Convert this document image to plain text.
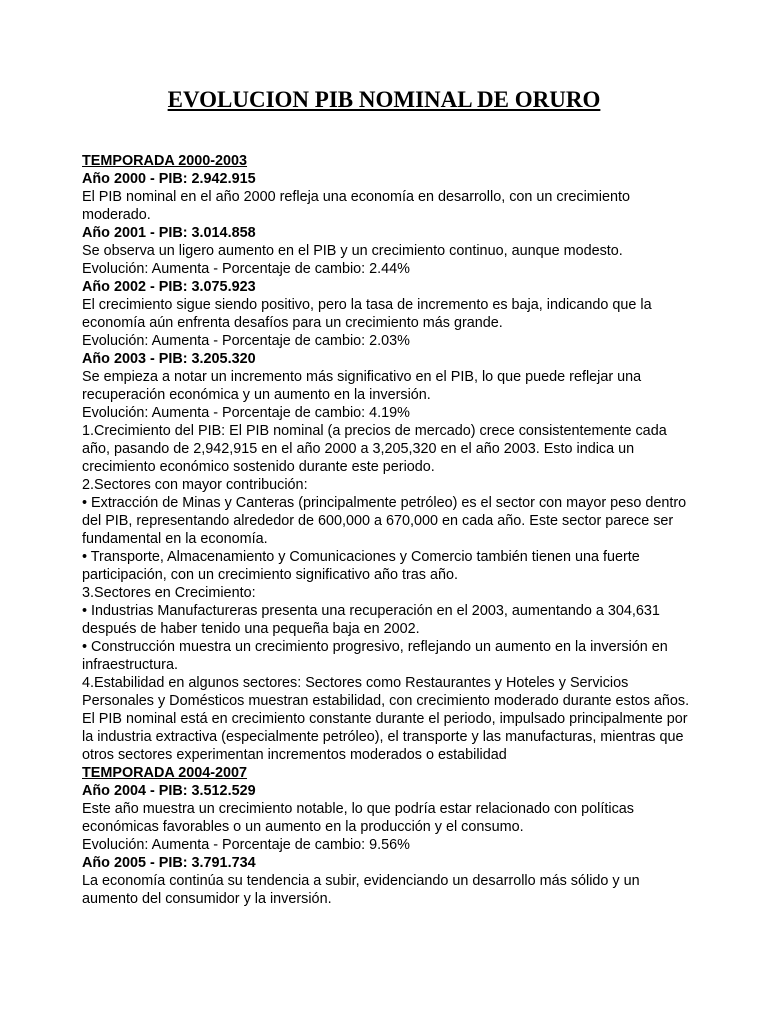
EVOLUCION PIB NOMINAL DE ORURO

TEMPORADA 2000-2003

Año 2000 - PIB: 2.942.915

El PIB nominal en el año 2000 refleja una economía en desarrollo, con un crecimiento moderado.

Año 2001 - PIB: 3.014.858

Se observa un ligero aumento en el PIB y un crecimiento continuo, aunque modesto.

Evolución: Aumenta - Porcentaje de cambio: 2.44%

Año 2002 - PIB: 3.075.923

El crecimiento sigue siendo positivo, pero la tasa de incremento es baja, indicando que la economía aún enfrenta desafíos para un crecimiento más grande.

Evolución: Aumenta - Porcentaje de cambio: 2.03%

Año 2003 - PIB: 3.205.320

Se empieza a notar un incremento más significativo en el PIB, lo que puede reflejar una recuperación económica y un aumento en la inversión.

Evolución: Aumenta - Porcentaje de cambio: 4.19%

1.Crecimiento del PIB: El PIB nominal (a precios de mercado) crece consistentemente cada año, pasando de 2,942,915 en el año 2000 a 3,205,320 en el año 2003. Esto indica un crecimiento económico sostenido durante este periodo.

2.Sectores con mayor contribución:

• Extracción de Minas y Canteras (principalmente petróleo) es el sector con mayor peso dentro del PIB, representando alrededor de 600,000 a 670,000 en cada año. Este sector parece ser fundamental en la economía.

• Transporte, Almacenamiento y Comunicaciones y Comercio también tienen una fuerte participación, con un crecimiento significativo año tras año.

3.Sectores en Crecimiento:

• Industrias Manufactureras presenta una recuperación en el 2003, aumentando a 304,631 después de haber tenido una pequeña baja en 2002.

• Construcción muestra un crecimiento progresivo, reflejando un aumento en la inversión en infraestructura.

4.Estabilidad en algunos sectores: Sectores como Restaurantes y Hoteles y Servicios Personales y Domésticos muestran estabilidad, con crecimiento moderado durante estos años.

El PIB nominal está en crecimiento constante durante el periodo, impulsado principalmente por la industria extractiva (especialmente petróleo), el transporte y las manufacturas, mientras que otros sectores experimentan incrementos moderados o estabilidad

TEMPORADA 2004-2007

Año 2004 - PIB: 3.512.529

Este año muestra un crecimiento notable, lo que podría estar relacionado con políticas económicas favorables o un aumento en la producción y el consumo.

Evolución: Aumenta - Porcentaje de cambio: 9.56%

Año 2005 - PIB: 3.791.734

La economía continúa su tendencia a subir, evidenciando un desarrollo más sólido y un aumento del consumidor y la inversión.
